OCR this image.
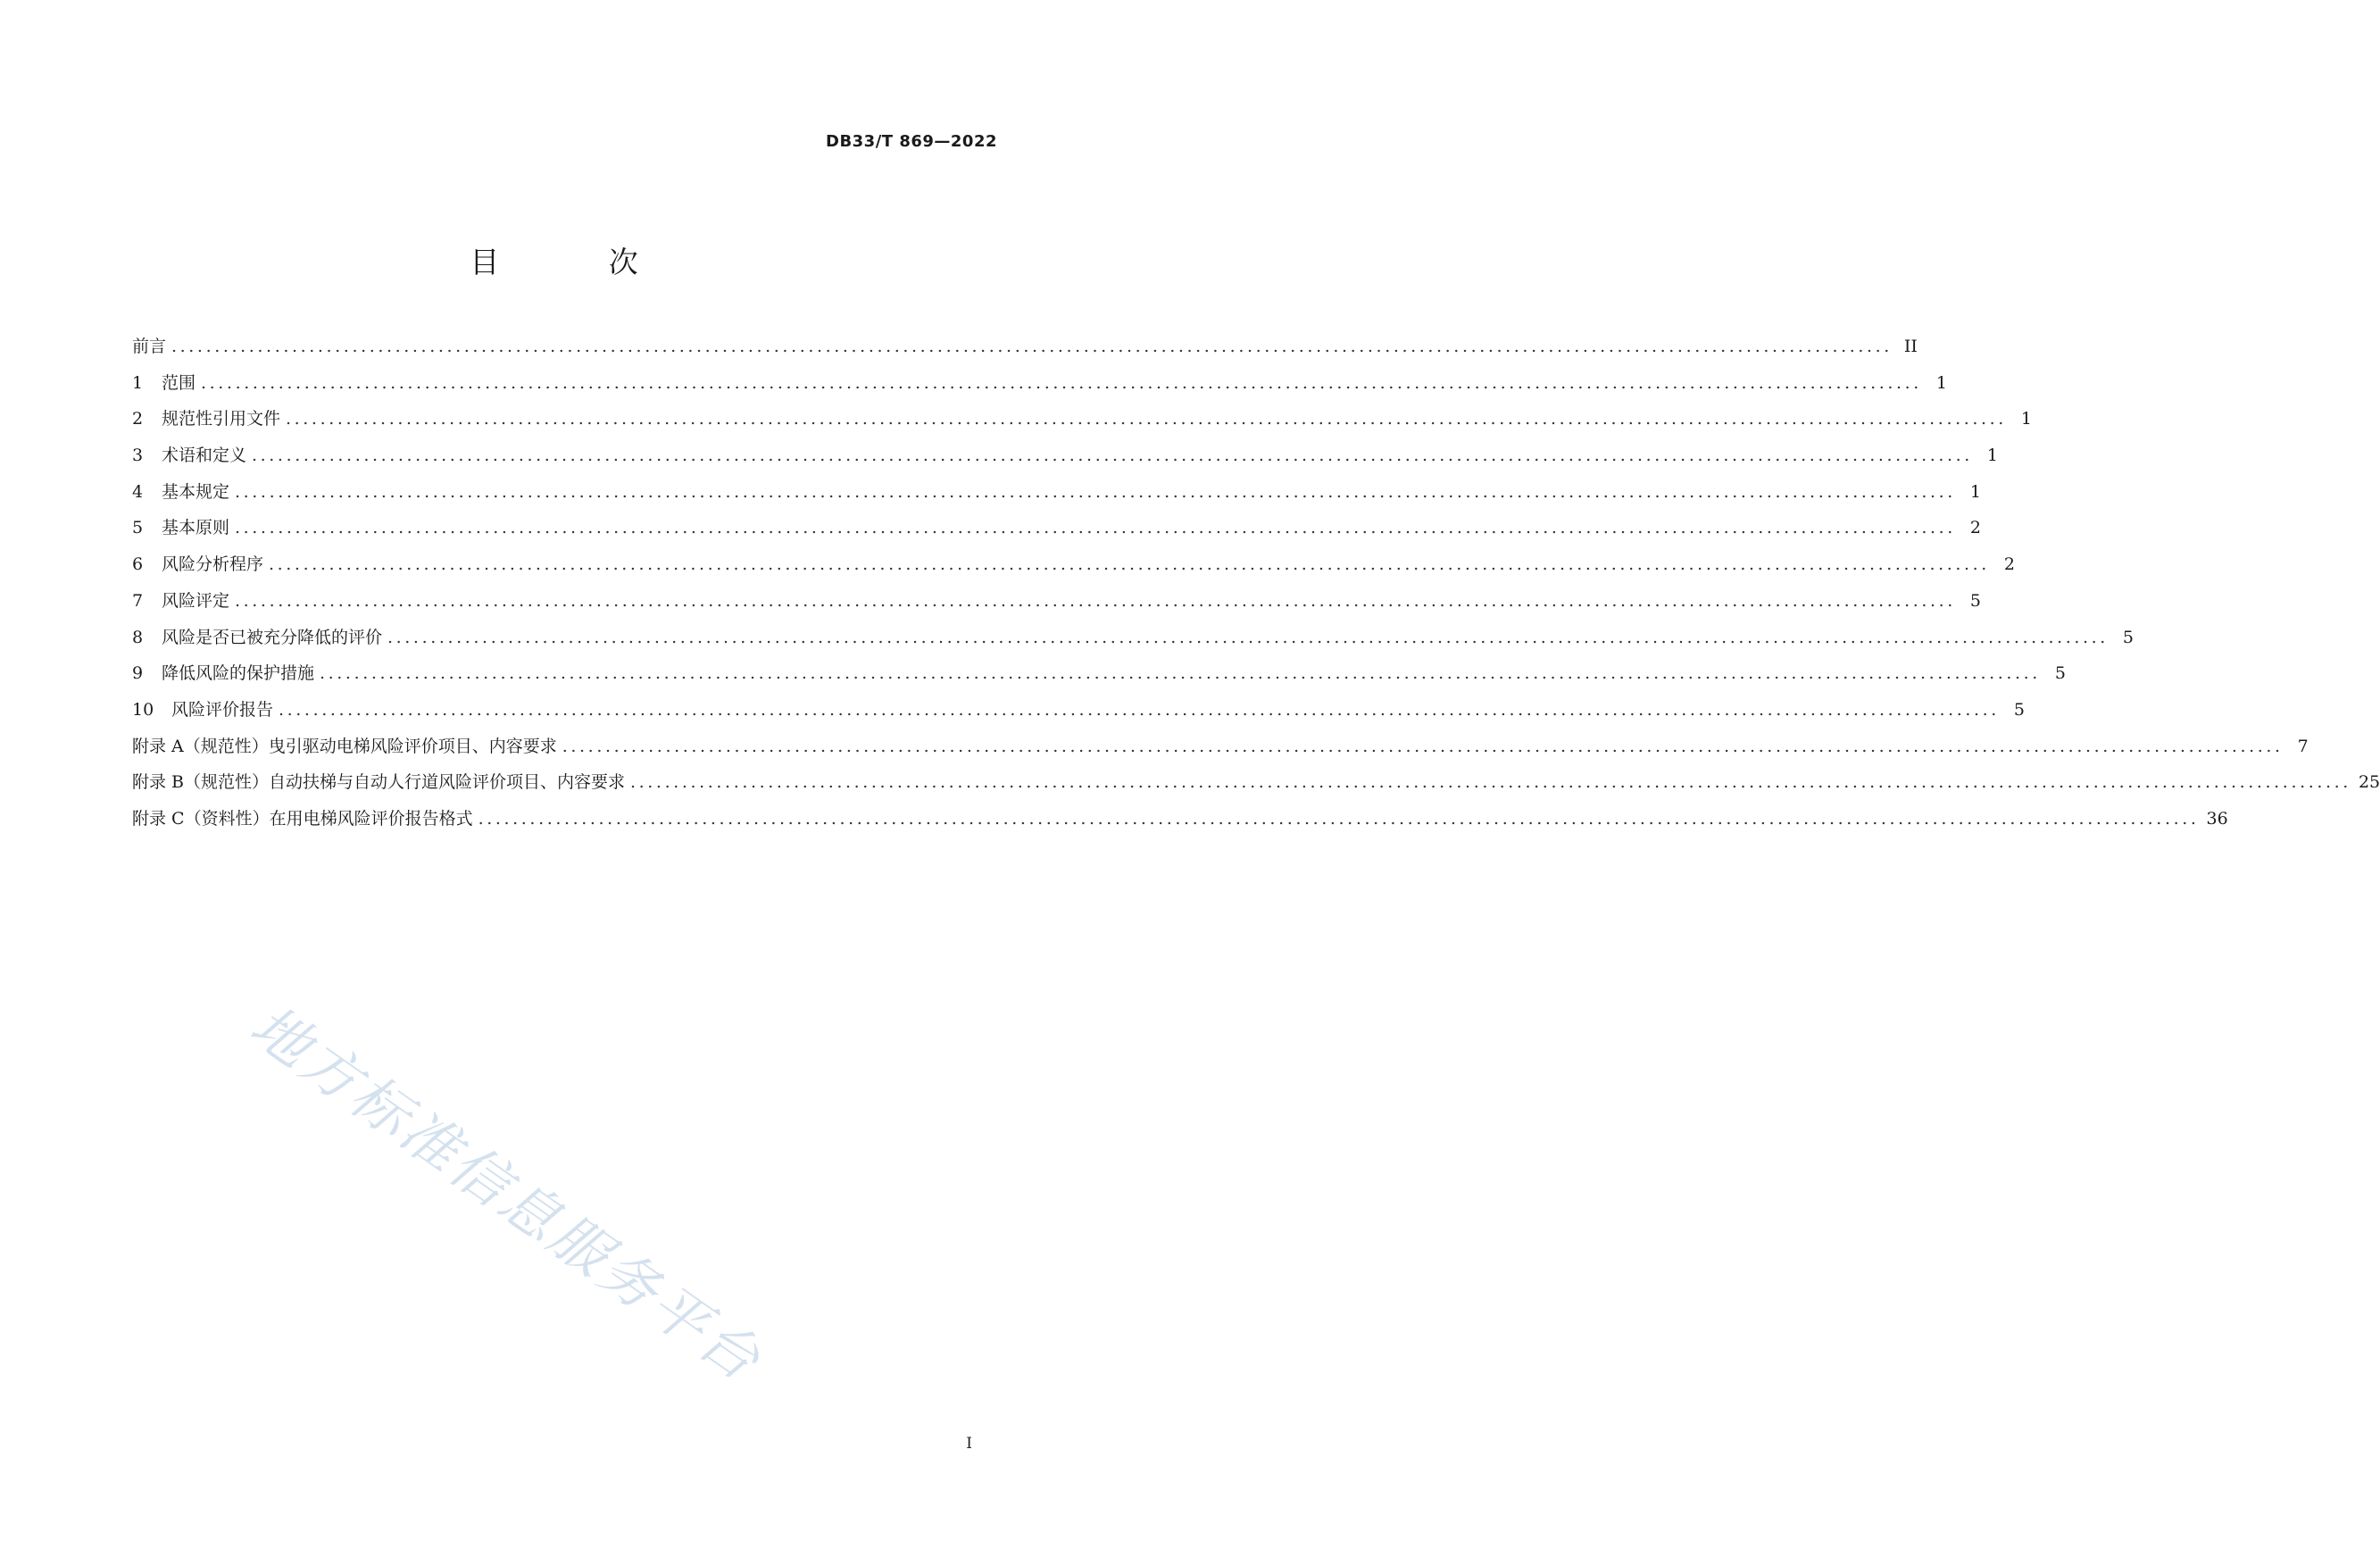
DB33/T 869—2022
目 次
前言 ........................................................................................................................................................................................................ II
1 范围 ........................................................................................................................................................................................................ 1
2 规范性引用文件 ........................................................................................................................................................................................................ 1
3 术语和定义 ........................................................................................................................................................................................................ 1
4 基本规定 ........................................................................................................................................................................................................ 1
5 基本原则 ........................................................................................................................................................................................................ 2
6 风险分析程序 ........................................................................................................................................................................................................ 2
7 风险评定 ........................................................................................................................................................................................................ 5
8 风险是否已被充分降低的评价 ........................................................................................................................................................................................................ 5
9 降低风险的保护措施 ........................................................................................................................................................................................................ 5
10 风险评价报告 ........................................................................................................................................................................................................ 5
附录 A（规范性）曳引驱动电梯风险评价项目、内容要求 ........................................................................................................................................................................................................ 7
附录 B（规范性）自动扶梯与自动人行道风险评价项目、内容要求 ........................................................................................................................................................................................................ 25
附录 C（资料性）在用电梯风险评价报告格式 ........................................................................................................................................................................................................ 36
地方标准信息服务平台
I
